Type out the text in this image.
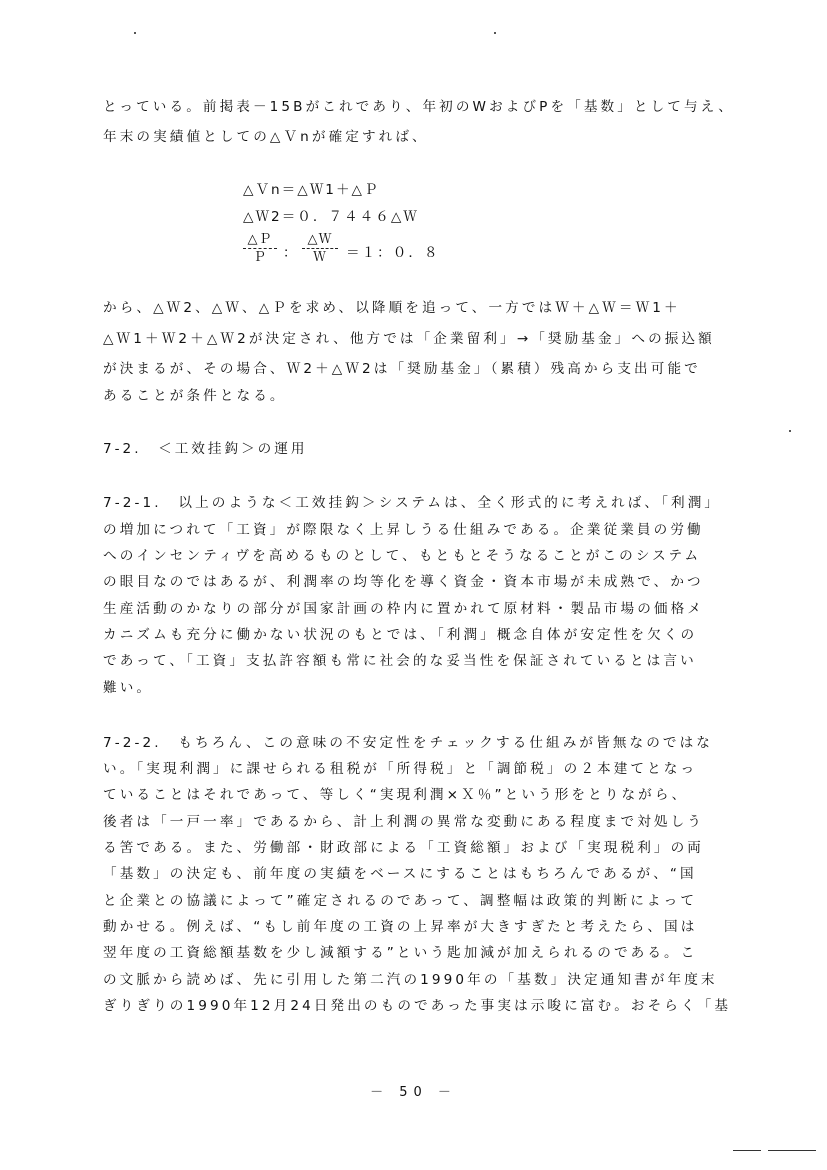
とっている。前掲表－15Bがこれであり、年初のWおよびPを「基数」として与え、
年末の実績値としての△Ｖnが確定すれば、
△Ｖn＝△Ｗ1＋△Ｐ
△Ｗ2＝０．７４４６△Ｗ
△Ｐ
Ｐ	：
△Ｗ
Ｗ	＝１：０．８
から、△Ｗ2、△Ｗ、△Ｐを求め、以降順を追って、一方ではＷ＋△Ｗ＝Ｗ1＋
△Ｗ1＋Ｗ2＋△Ｗ2が決定され、他方では「企業留利」→「奨励基金」への振込額
が決まるが、その場合、Ｗ2＋△Ｗ2は「奨励基金」（累積）残高から支出可能で
あることが条件となる。
7-2.　＜工效挂鈎＞の運用
7-2-1.　以上のような＜工效挂鈎＞システムは、全く形式的に考えれば、「利潤」
の増加につれて「工資」が際限なく上昇しうる仕組みである。企業従業員の労働
へのインセンティヴを高めるものとして、もともとそうなることがこのシステム
の眼目なのではあるが、利潤率の均等化を導く資金・資本市場が未成熟で、かつ
生産活動のかなりの部分が国家計画の枠内に置かれて原材料・製品市場の価格メ
カニズムも充分に働かない状況のもとでは、「利潤」概念自体が安定性を欠くの
であって、「工資」支払許容額も常に社会的な妥当性を保証されているとは言い
難い。
7-2-2.　もちろん、この意味の不安定性をチェックする仕組みが皆無なのではな
い。「実現利潤」に課せられる租税が「所得税」と「調節税」の２本建てとなっ
ていることはそれであって、等しく“実現利潤×Ｘ％”という形をとりながら、
後者は「一戸一率」であるから、計上利潤の異常な変動にある程度まで対処しう
る筈である。また、労働部・財政部による「工資総額」および「実現税利」の両
「基数」の決定も、前年度の実績をベースにすることはもちろんであるが、“国
と企業との協議によって”確定されるのであって、調整幅は政策的判断によって
動かせる。例えば、“もし前年度の工資の上昇率が大きすぎたと考えたら、国は
翌年度の工資総額基数を少し減額する”という匙加減が加えられるのである。こ
の文脈から読めば、先に引用した第二汽の1990年の「基数」決定通知書が年度末
ぎりぎりの1990年12月24日発出のものであった事実は示唆に富む。おそらく「基
－ 50 －
